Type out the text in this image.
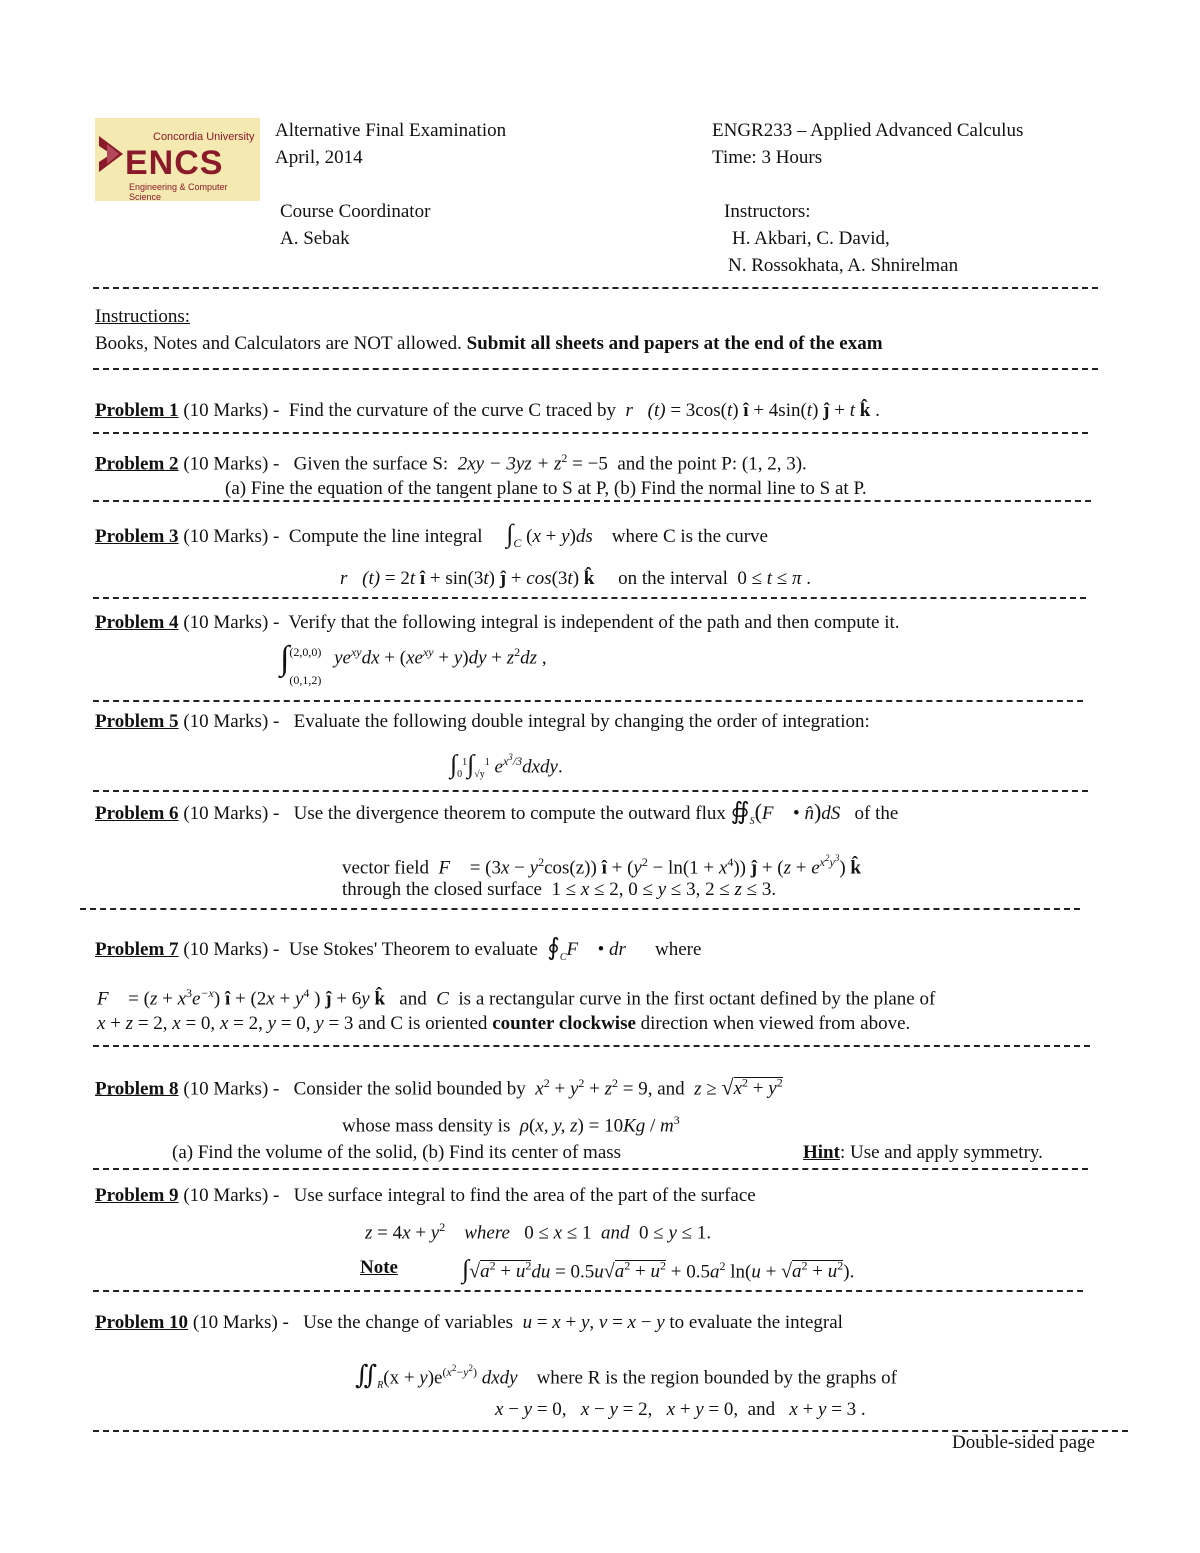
Concordia University
ENCS
Engineering & Computer Science
Alternative Final Examination
April, 2014
ENGR233 – Applied Advanced Calculus
Time: 3 Hours
Course Coordinator
A. Sebak
Instructors:
H. Akbari, C. David,
N. Rossokhata, A. Shnirelman
Instructions:
Books, Notes and Calculators are NOT allowed. Submit all sheets and papers at the end of the exam
Problem 1 (10 Marks) - Find the curvature of the curve C traced by r⃗(t) = 3cos(t) î + 4sin(t) ĵ + t k̂ .
Problem 2 (10 Marks) - Given the surface S: $2xy - 3yz + z^2 = -5$  and the point P: (1, 2, 3).
(a) Fine the equation of the tangent plane to S at P, (b) Find the normal line to S at P.
Problem 3 (10 Marks) - Compute the line integral $\int_C$ (x + y)ds where C is the curve
r⃗(t) = 2t î + sin(3t) ĵ + cos(3t) k̂ on the interval  0 ≤ t ≤ π .
Problem 4 (10 Marks) - Verify that the following integral is independent of the path and then compute it.
∫ (2,0,0)
(0,1,2)
$ye^{xy}dx + (xe^{xy} + y)dy + z^2dz$ ,
Problem 5 (10 Marks) - Evaluate the following double integral by changing the order of integration:
$\int_0^1\int_{√y}^1$ $e^{x^3/3}dxdy$.
Problem 6 (10 Marks) - Use the divergence theorem to compute the outward flux $∯_S(F⃗$ • n̂)dS of the
vector field F⃗ = $(3x - y^2\cos(z))$ î + $(y^2 - \ln(1 + x^4))$ ĵ + $(z + e^{x^2y^3})$ k̂
through the closed surface  1 ≤ x ≤ 2, 0 ≤ y ≤ 3, 2 ≤ z ≤ 3.
Problem 7 (10 Marks) - Use Stokes' Theorem to evaluate $∮_CF⃗$ • dr⃗ where
F⃗ = $(z + x^3e^{-x})$ î + ($2x + y^4$ ) ĵ + 6y k̂ and C is a rectangular curve in the first octant defined by the plane of
x + z = 2, x = 0, x = 2, y = 0, y = 3 and C is oriented counter clockwise direction when viewed from above.
Problem 8 (10 Marks) - Consider the solid bounded by $x^2 + y^2 + z^2 = 9$, and  $z \ge √x^2 + y^2$
whose mass density is ρ(x, y, $z) = 10Kg / m^3$
(a) Find the volume of the solid, (b) Find its center of mass	Hint: Use and apply symmetry.
Problem 9 (10 Marks) - Use surface integral to find the area of the part of the surface
$z = 4x + y^2$ where   0 ≤ x ≤ 1  and  0 ≤ y ≤ 1.
Note $\int√a^2 + u^2du = 0.5u√a^2 + u^2 + 0.5a^2$ $\ln(u + √a^2 + u^2)$.
Problem 10 (10 Marks) - Use the change of variables u = x + y, v = x − y to evaluate the integral
$∬_R(x + y)e^{(x^2-y^2)}$ dxdy where R is the region bounded by the graphs of
x − y = 0,   x − y = 2,   x + y = 0,  and   x + y = 3 .
Double-sided page
